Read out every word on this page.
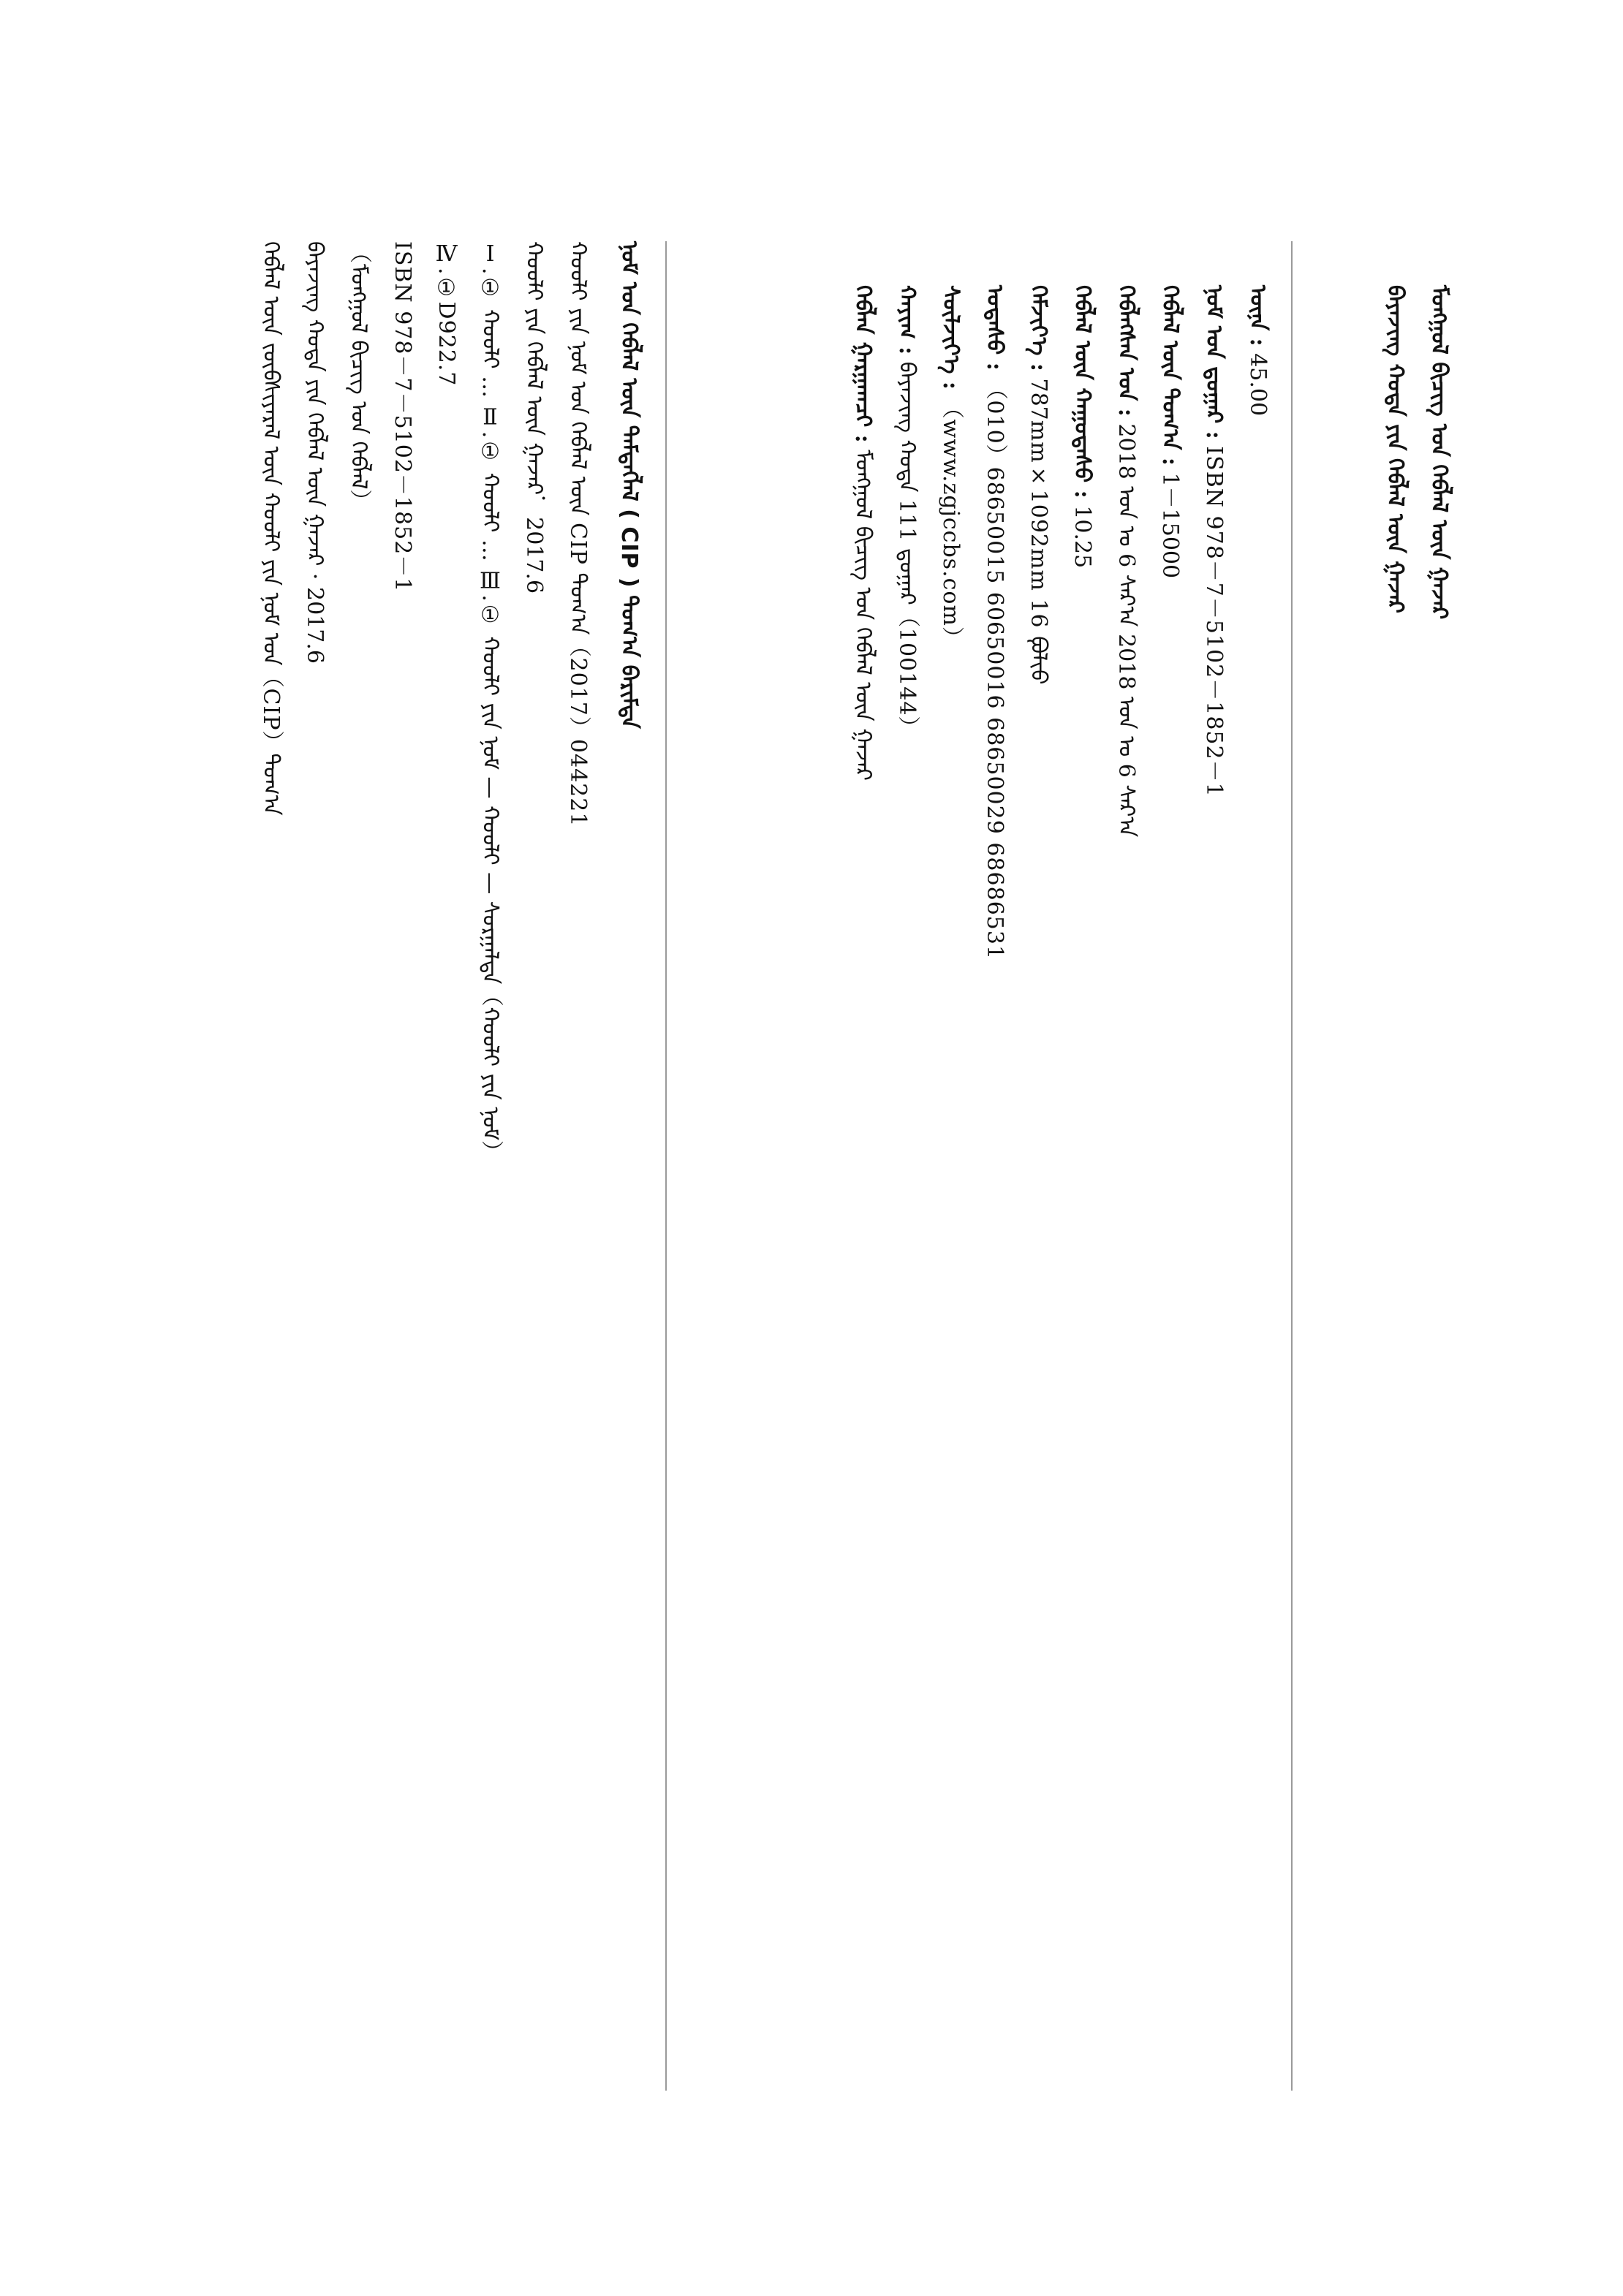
ᠮᠣᠩᠭᠣᠯ ᠪᠢᠴᠢᠭ ᠤᠨ ᠬᠡᠪᠯᠡᠯ ᠦᠨ ᠭᠠᠵᠠᠷ
ᠪᠡᠶᠡᠵᠢᠩ ᠬᠣᠳᠠ ᠶᠢᠨ ᠬᠡᠪᠯᠡᠯ ᠦᠨ ᠭᠠᠵᠠᠷ
ᠦᠨᠡ : 45.00
ᠨᠣᠮ ᠤᠨ ᠳ᠋ᠤᠭᠠᠷ : ISBN 978－7－5102－1852－1
ᠬᠡᠪᠯᠡᠯ ᠦᠨ ᠲᠣᠭ᠎ᠠ : 1－15000
ᠬᠡᠪᠯᠡᠭᠰᠡᠨ ᠣᠨ : 2018 ᠣᠨ ᠤ 6 ᠰᠠᠷ᠎ᠠ 2018 ᠣᠨ ᠤ 6 ᠰᠠᠷ᠎ᠠ
ᠬᠡᠪᠯᠡᠯ ᠦᠨ ᠬᠠᠭᠤᠳᠠᠰᠤ : 10.25
ᠬᠡᠮᠵᠢᠶ᠎ᠡ : 787mm×1092mm 16 ᠹᠣᠯᠢᠣ
ᠤᠲᠠᠰᠤ : （010）68650015 60650016 68650029 68686531
ᠰᠦᠯᠵᠢᠶ᠎ᠡ : （www.zgjccbs.com）
ᠬᠠᠶᠢᠭ : ᠪᠡᠶᠡᠵᠢᠩ ᠬᠣᠳᠠ 111 ᠳ᠋ᠤᠭᠠᠷ（100144）
ᠬᠡᠪᠯᠡᠨ ᠭᠠᠷᠭᠠᠭᠴᠢ : ᠮᠣᠩᠭᠣᠯ ᠪᠢᠴᠢᠭ ᠤᠨ ᠬᠡᠪᠯᠡᠯ ᠦᠨ ᠭᠠᠵᠠᠷ
ᠨᠣᠮ ᠤᠨ ᠬᠡᠪᠯᠡᠯ ᠦᠨ ᠲᠡᠮᠳᠡᠭᠯᠡᠯ ( CIP ) ᠲᠣᠭ᠎ᠠ ᠪᠠᠷᠢᠮᠲᠠ
ᠬᠤᠤᠯᠢ ᠶᠢᠨ ᠨᠣᠮ ᠤᠨ ᠬᠡᠪᠯᠡᠯ ᠦᠨ CIP ᠲᠣᠭ᠎ᠠ（2017）044221
ᠬᠤᠤᠯᠢ ᠶᠢᠨ ᠬᠡᠪᠯᠡᠯ ᠦᠨ ᠭᠠᠵᠠᠷ．2017.6
Ⅰ.① ᠬᠤᠤᠯᠢ … Ⅱ.① ᠬᠤᠤᠯᠢ … Ⅲ.① ᠬᠤᠤᠯᠢ ᠶᠢᠨ ᠨᠣᠮ — ᠬᠤᠤᠯᠢ — ᠰᠤᠷᠭᠠᠯᠲᠠ（ᠬᠤᠤᠯᠢ ᠶᠢᠨ ᠨᠣᠮ）
Ⅳ.①D922.7
ISBN 978－7－5102－1852－1
（ᠮᠣᠩᠭᠣᠯ ᠪᠢᠴᠢᠭ ᠤᠨ ᠬᠡᠪᠯᠡᠯ）
ᠪᠡᠶᠡᠵᠢᠩ ᠬᠣᠳᠠ ᠶᠢᠨ ᠬᠡᠪᠯᠡᠯ ᠦᠨ ᠭᠠᠵᠠᠷ · 2017.6
ᠬᠡᠪᠯᠡᠯ ᠦᠨ ᠵᠥᠪᠰᠢᠶᠡᠷᠡᠯ ᠦᠨ ᠬᠤᠤᠯᠢ ᠶᠢᠨ ᠨᠣᠮ ᠤᠨ（CIP）ᠲᠣᠭ᠎ᠠ
